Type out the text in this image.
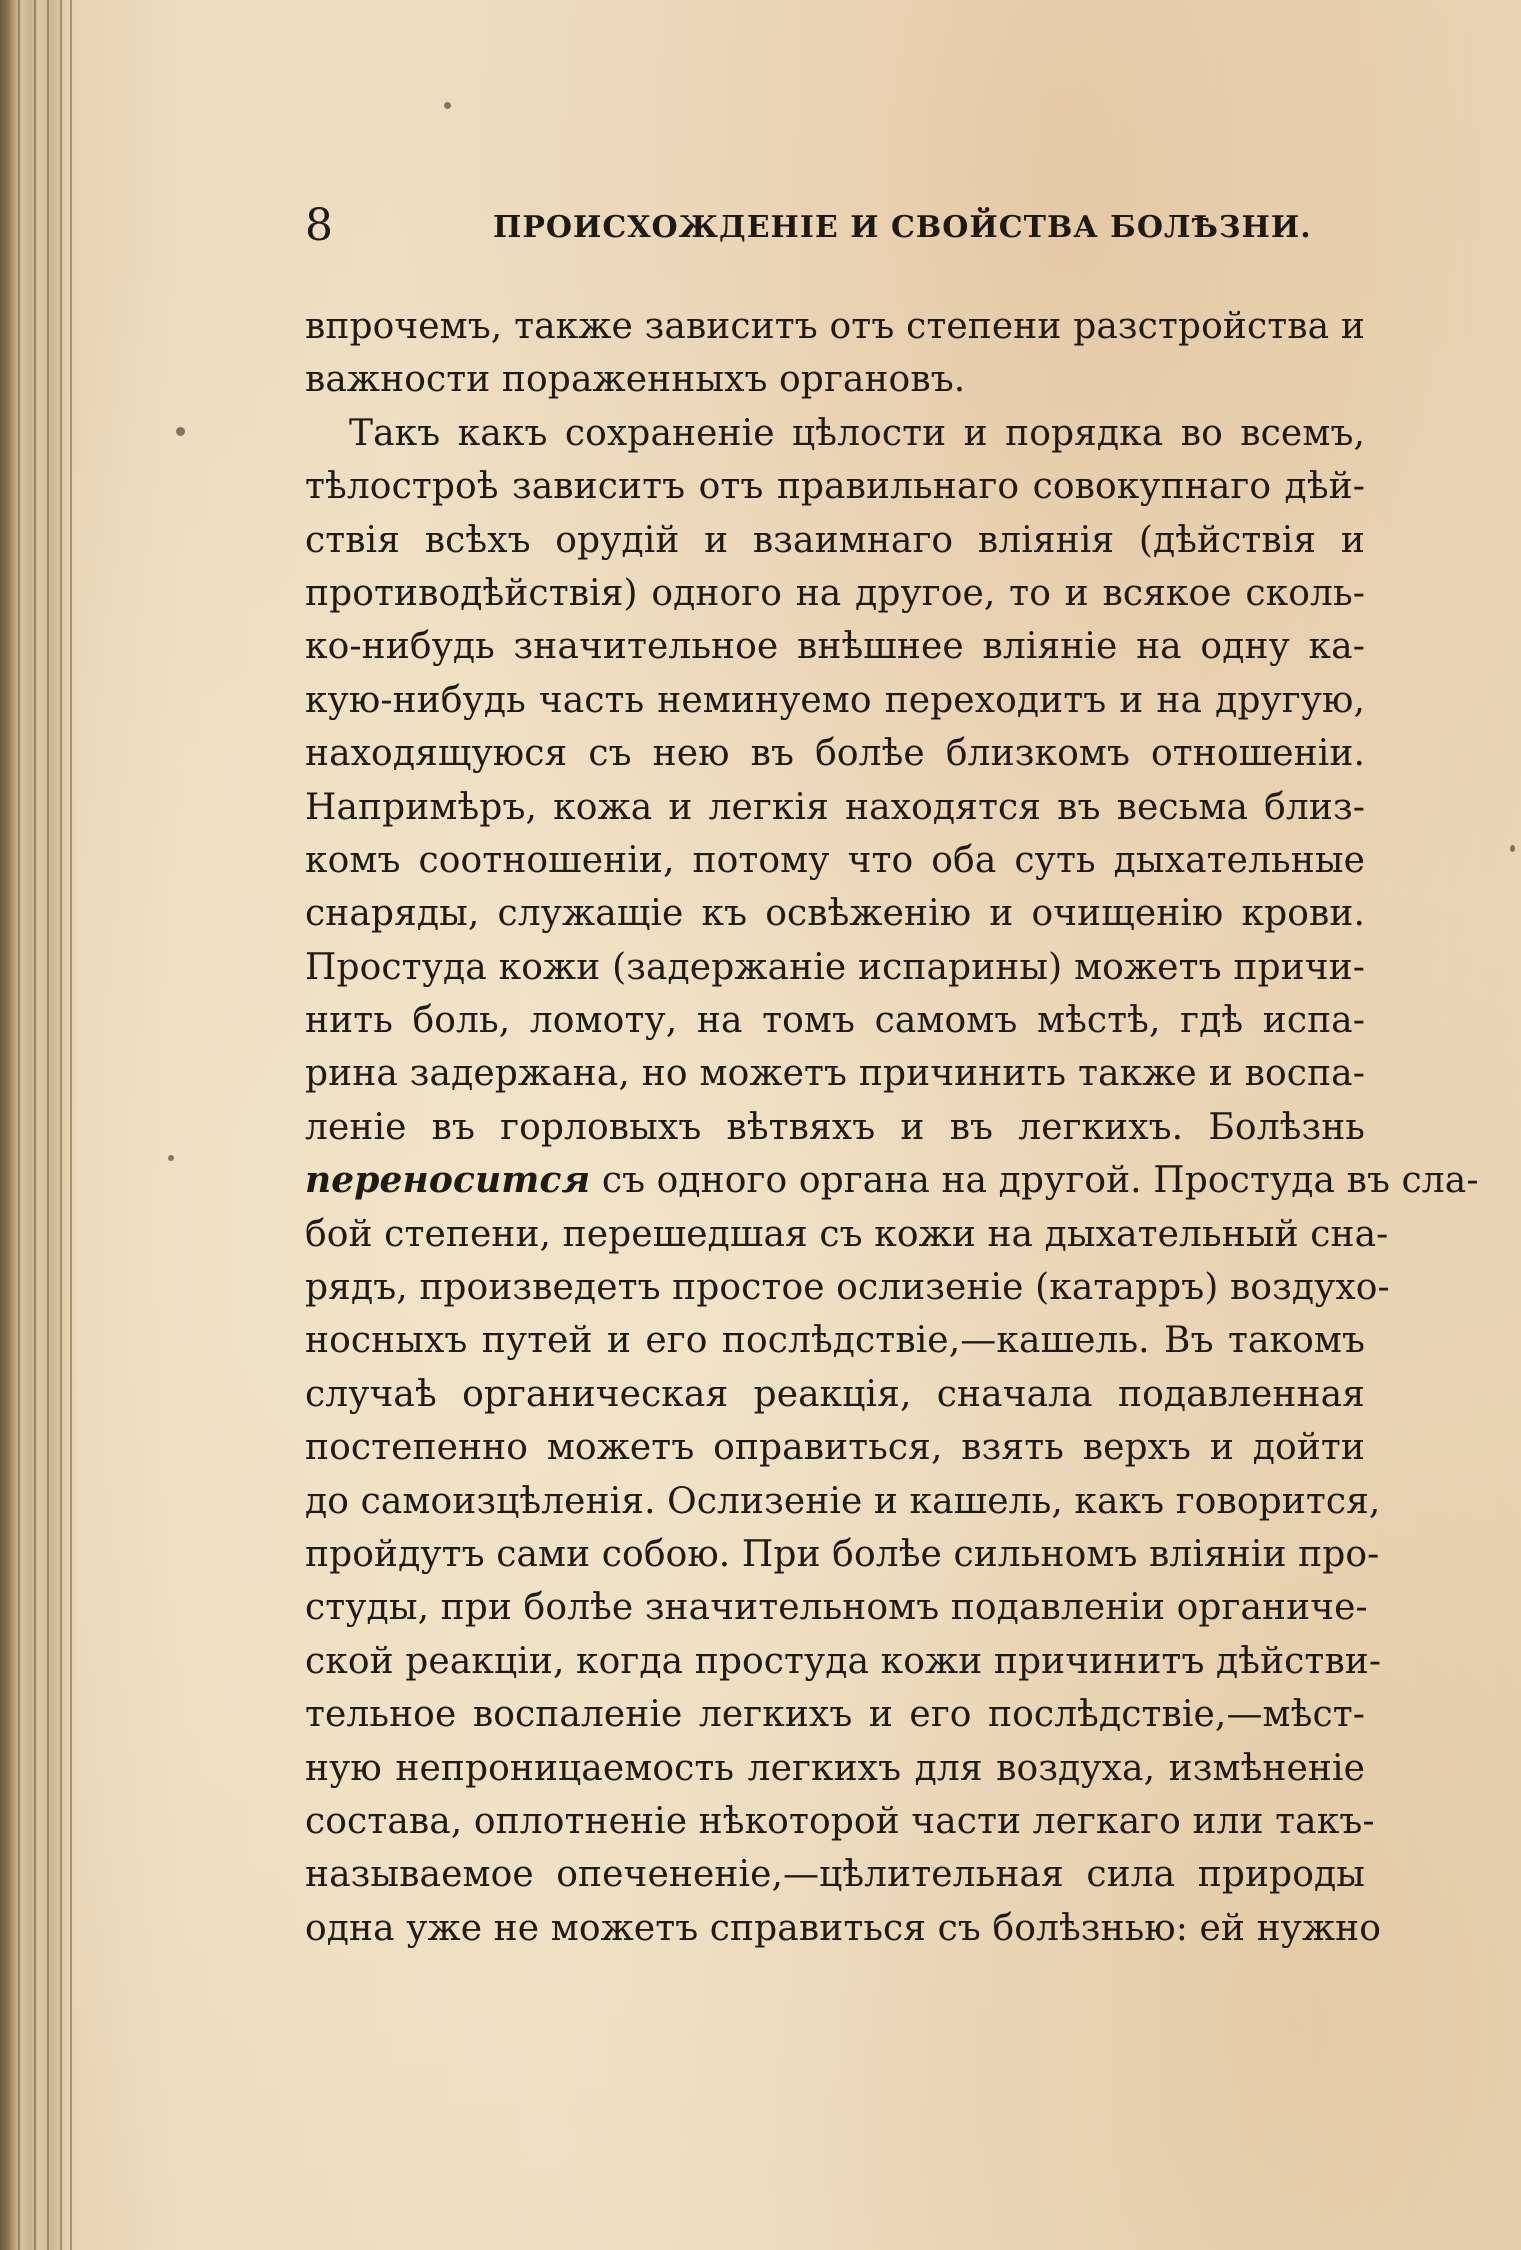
8	ПРОИСХОЖДЕНІЕ И СВОЙСТВА БОЛѢЗНИ.
впрочемъ, также зависитъ отъ степени разстройства и
важности пораженныхъ органовъ.
Такъ какъ сохраненіе цѣлости и порядка во всемъ,
тѣлостроѣ зависитъ отъ правильнаго совокупнаго дѣй-
ствія всѣхъ орудій и взаимнаго вліянія (дѣйствія и
противодѣйствія) одного на другое, то и всякое сколь-
ко-нибудь значительное внѣшнее вліяніе на одну ка-
кую-нибудь часть неминуемо переходитъ и на другую,
находящуюся съ нею въ болѣе близкомъ отношеніи.
Напримѣръ, кожа и легкія находятся въ весьма близ-
комъ соотношеніи, потому что оба суть дыхательные
снаряды, служащіе къ освѣженію и очищенію крови.
Простуда кожи (задержаніе испарины) можетъ причи-
нить боль, ломоту, на томъ самомъ мѣстѣ, гдѣ испа-
рина задержана, но можетъ причинить также и воспа-
леніе въ горловыхъ вѣтвяхъ и въ легкихъ. Болѣзнь
переносится съ одного органа на другой. Простуда въ сла-
бой степени, перешедшая съ кожи на дыхательный сна-
рядъ, произведетъ простое ослизеніе (катарръ) воздухо-
носныхъ путей и его послѣдствіе,—кашель. Въ такомъ
случаѣ органическая реакція, сначала подавленная
постепенно можетъ оправиться, взять верхъ и дойти
до самоизцѣленія. Ослизеніе и кашель, какъ говорится,
пройдутъ сами собою. При болѣе сильномъ вліяніи про-
студы, при болѣе значительномъ подавленіи органиче-
ской реакціи, когда простуда кожи причинитъ дѣйстви-
тельное воспаленіе легкихъ и его послѣдствіе,—мѣст-
ную непроницаемость легкихъ для воздуха, измѣненіе
состава, оплотненіе нѣкоторой части легкаго или такъ-
называемое опечененіе,—цѣлительная сила природы
одна уже не можетъ справиться съ болѣзнью: ей нужно
